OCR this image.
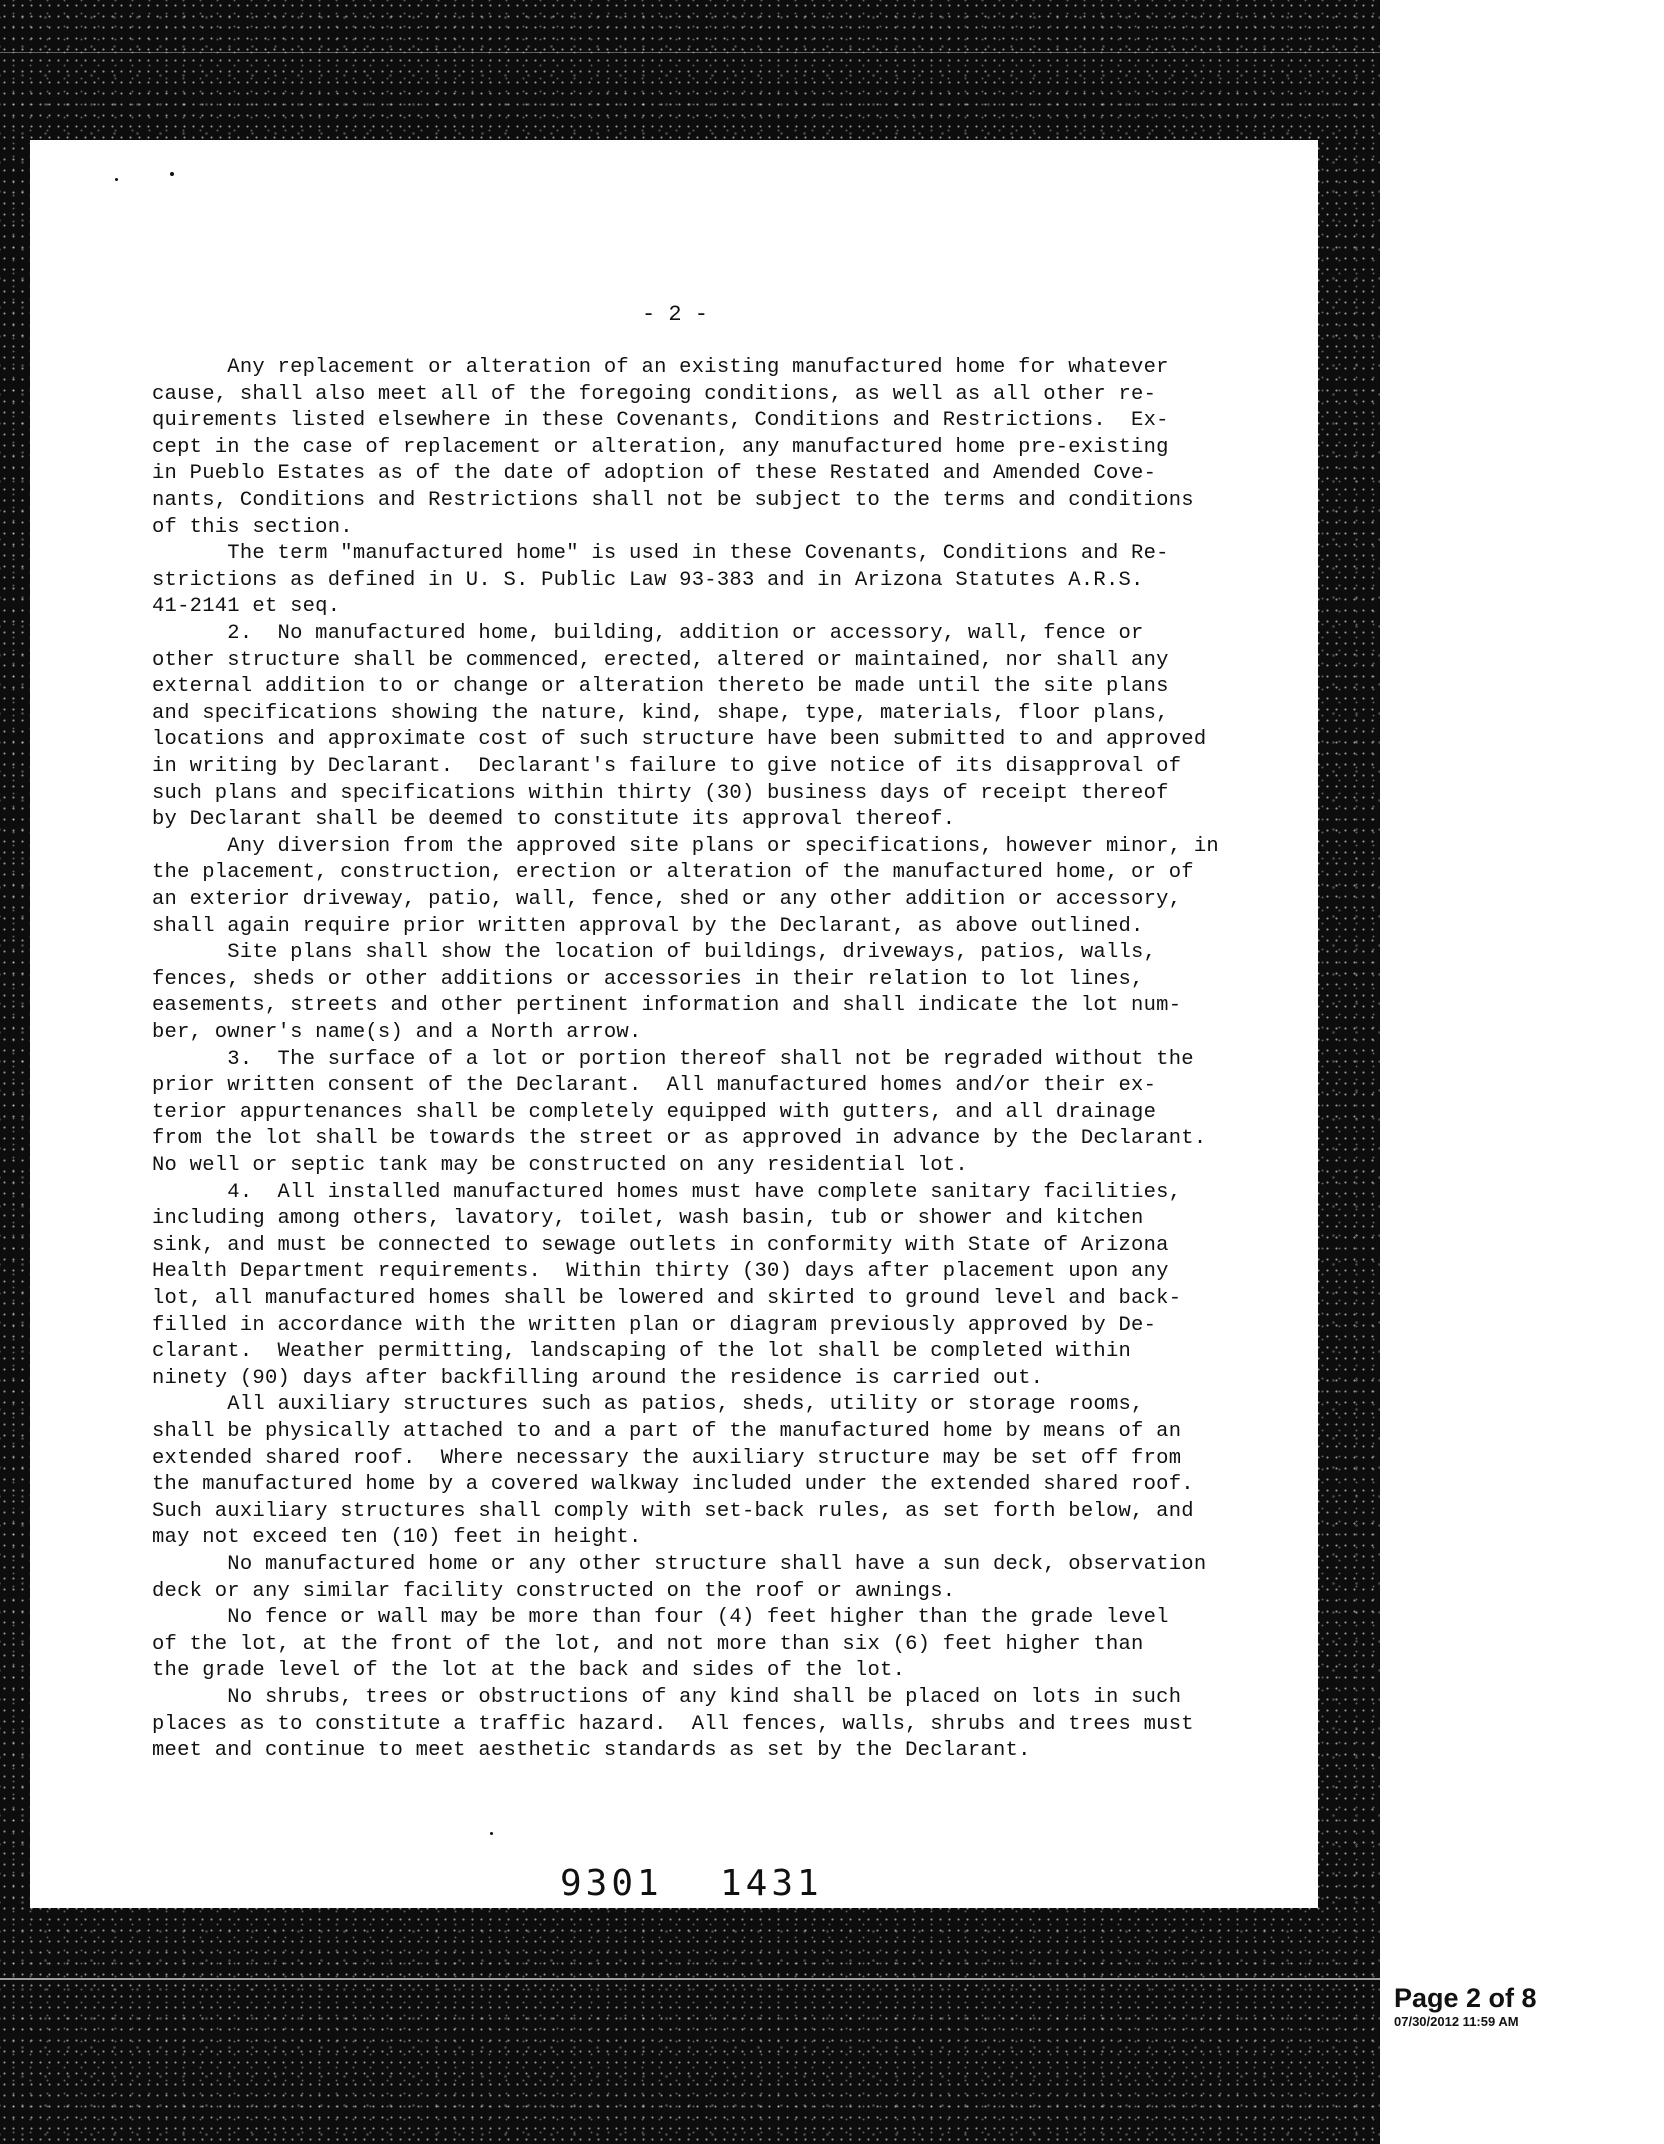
- 2 -
Any replacement or alteration of an existing manufactured home for whatever
cause, shall also meet all of the foregoing conditions, as well as all other re-
quirements listed elsewhere in these Covenants, Conditions and Restrictions.  Ex-
cept in the case of replacement or alteration, any manufactured home pre-existing
in Pueblo Estates as of the date of adoption of these Restated and Amended Cove-
nants, Conditions and Restrictions shall not be subject to the terms and conditions
of this section.
The term "manufactured home" is used in these Covenants, Conditions and Re-
strictions as defined in U. S. Public Law 93-383 and in Arizona Statutes A.R.S.
41-2141 et seq.
2.  No manufactured home, building, addition or accessory, wall, fence or
other structure shall be commenced, erected, altered or maintained, nor shall any
external addition to or change or alteration thereto be made until the site plans
and specifications showing the nature, kind, shape, type, materials, floor plans,
locations and approximate cost of such structure have been submitted to and approved
in writing by Declarant.  Declarant's failure to give notice of its disapproval of
such plans and specifications within thirty (30) business days of receipt thereof
by Declarant shall be deemed to constitute its approval thereof.
Any diversion from the approved site plans or specifications, however minor, in
the placement, construction, erection or alteration of the manufactured home, or of
an exterior driveway, patio, wall, fence, shed or any other addition or accessory,
shall again require prior written approval by the Declarant, as above outlined.
Site plans shall show the location of buildings, driveways, patios, walls,
fences, sheds or other additions or accessories in their relation to lot lines,
easements, streets and other pertinent information and shall indicate the lot num-
ber, owner's name(s) and a North arrow.
3.  The surface of a lot or portion thereof shall not be regraded without the
prior written consent of the Declarant.  All manufactured homes and/or their ex-
terior appurtenances shall be completely equipped with gutters, and all drainage
from the lot shall be towards the street or as approved in advance by the Declarant.
No well or septic tank may be constructed on any residential lot.
4.  All installed manufactured homes must have complete sanitary facilities,
including among others, lavatory, toilet, wash basin, tub or shower and kitchen
sink, and must be connected to sewage outlets in conformity with State of Arizona
Health Department requirements.  Within thirty (30) days after placement upon any
lot, all manufactured homes shall be lowered and skirted to ground level and back-
filled in accordance with the written plan or diagram previously approved by De-
clarant.  Weather permitting, landscaping of the lot shall be completed within
ninety (90) days after backfilling around the residence is carried out.
All auxiliary structures such as patios, sheds, utility or storage rooms,
shall be physically attached to and a part of the manufactured home by means of an
extended shared roof.  Where necessary the auxiliary structure may be set off from
the manufactured home by a covered walkway included under the extended shared roof.
Such auxiliary structures shall comply with set-back rules, as set forth below, and
may not exceed ten (10) feet in height.
No manufactured home or any other structure shall have a sun deck, observation
deck or any similar facility constructed on the roof or awnings.
No fence or wall may be more than four (4) feet higher than the grade level
of the lot, at the front of the lot, and not more than six (6) feet higher than
the grade level of the lot at the back and sides of the lot.
No shrubs, trees or obstructions of any kind shall be placed on lots in such
places as to constitute a traffic hazard.  All fences, walls, shrubs and trees must
meet and continue to meet aesthetic standards as set by the Declarant.
9301 1431
Page 2 of 8
07/30/2012 11:59 AM
